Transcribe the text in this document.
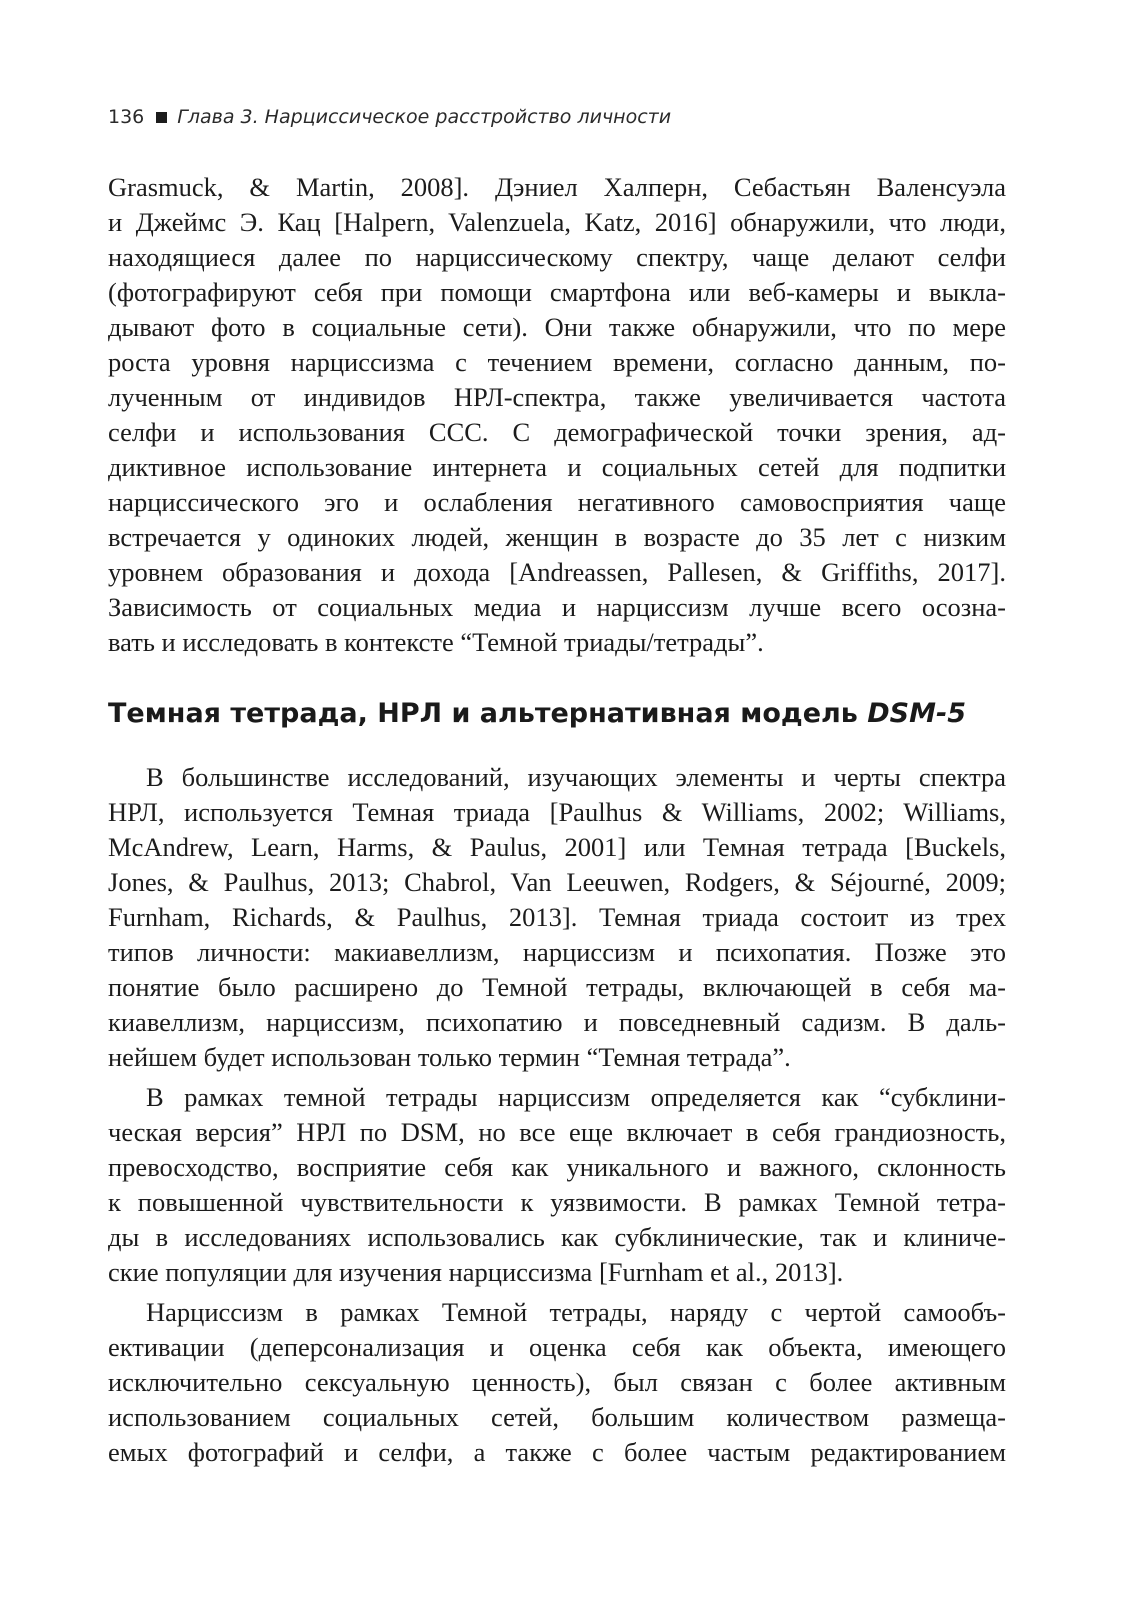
136 Глава 3. Нарциссическое расстройство личности
Grasmuck, & Martin, 2008]. Дэниел Халперн, Себастьян Валенсуэла
и Джеймс Э. Кац [Halpern, Valenzuela, Katz, 2016] обнаружили, что люди,
находящиеся далее по нарциссическому спектру, чаще делают селфи
(фотографируют себя при помощи смартфона или веб-камеры и выкла-
дывают фото в социальные сети). Они также обнаружили, что по мере
роста уровня нарциссизма с течением времени, согласно данным, по-
лученным от индивидов НРЛ-спектра, также увеличивается частота
селфи и использования ССС. С демографической точки зрения, ад-
диктивное использование интернета и социальных сетей для подпитки
нарциссического эго и ослабления негативного самовосприятия чаще
встречается у одиноких людей, женщин в возрасте до 35 лет с низким
уровнем образования и дохода [Andreassen, Pallesen, & Griffiths, 2017].
Зависимость от социальных медиа и нарциссизм лучше всего осозна-
вать и исследовать в контексте “Темной триады/тетрады”.
Темная тетрада, НРЛ и альтернативная модель DSM-5
В большинстве исследований, изучающих элементы и черты спектра
НРЛ, используется Темная триада [Paulhus & Williams, 2002; Williams,
McAndrew, Learn, Harms, & Paulus, 2001] или Темная тетрада [Buckels,
Jones, & Paulhus, 2013; Chabrol, Van Leeuwen, Rodgers, & Séjourné, 2009;
Furnham, Richards, & Paulhus, 2013]. Темная триада состоит из трех
типов личности: макиавеллизм, нарциссизм и психопатия. Позже это
понятие было расширено до Темной тетрады, включающей в себя ма-
киавеллизм, нарциссизм, психопатию и повседневный садизм. В даль-
нейшем будет использован только термин “Темная тетрада”.
В рамках темной тетрады нарциссизм определяется как “субклини-
ческая версия” НРЛ по DSM, но все еще включает в себя грандиозность,
превосходство, восприятие себя как уникального и важного, склонность
к повышенной чувствительности к уязвимости. В рамках Темной тетра-
ды в исследованиях использовались как субклинические, так и клиниче-
ские популяции для изучения нарциссизма [Furnham et al., 2013].
Нарциссизм в рамках Темной тетрады, наряду с чертой самообъ-
ективации (деперсонализация и оценка себя как объекта, имеющего
исключительно сексуальную ценность), был связан с более активным
использованием социальных сетей, большим количеством размеща-
емых фотографий и селфи, а также с более частым редактированием
